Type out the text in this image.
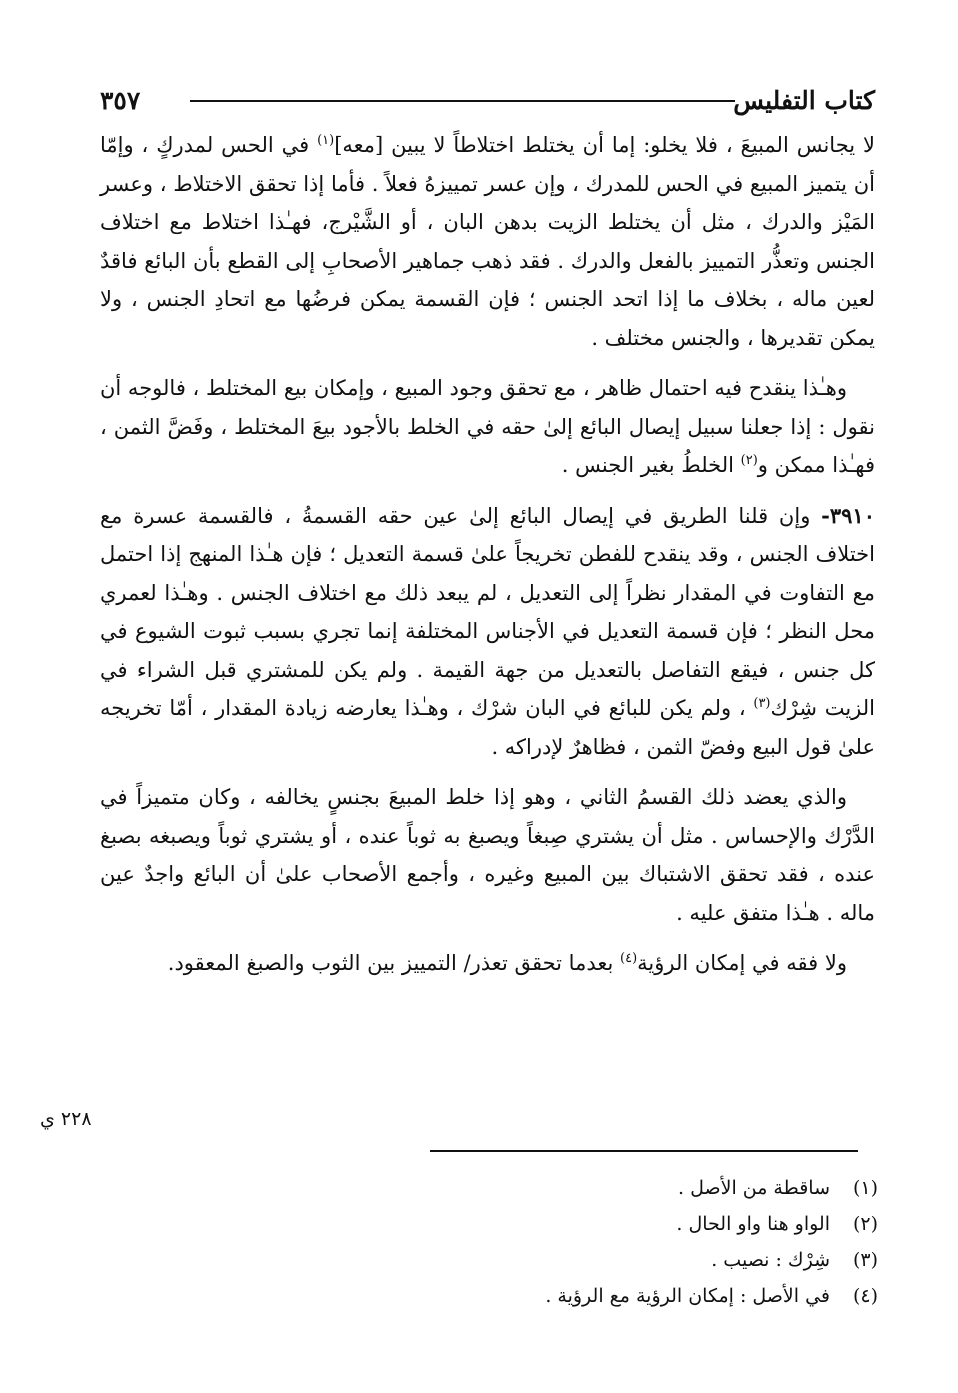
كتاب التفليس
٣٥٧

لا يجانس المبيعَ ، فلا يخلو: إما أن يختلط اختلاطاً لا يبين [معه]$^{(١)}$ في الحس لمدركٍ ، وإمّا أن يتميز المبيع في الحس للمدرك ، وإن عسر تمييزهُ فعلاً . فأما إذا تحقق الاختلاط ، وعسر المَيْز والدرك ، مثل أن يختلط الزيت بدهن البان ، أو الشَّيْرج، فهـٰذا اختلاط مع اختلاف الجنس وتعذُّر التمييز بالفعل والدرك . فقد ذهب جماهير الأصحابِ إلى القطع بأن البائع فاقدٌ لعين ماله ، بخلاف ما إذا اتحد الجنس ؛ فإن القسمة يمكن فرضُها مع اتحادِ الجنس ، ولا يمكن تقديرها ، والجنس مختلف .

وهـٰذا ينقدح فيه احتمال ظاهر ، مع تحقق وجود المبيع ، وإمكان بيع المختلط ، فالوجه أن نقول : إذا جعلنا سبيل إيصال البائع إلىٰ حقه في الخلط بالأجود بيعَ المختلط ، وفَضَّ الثمن ، فهـٰذا ممكن و$^{(٢)}$ الخلطُ بغير الجنس .

٣٩١٠- وإن قلنا الطريق في إيصال البائع إلىٰ عين حقه القسمةُ ، فالقسمة عسرة مع اختلاف الجنس ، وقد ينقدح للفطن تخريجاً علىٰ قسمة التعديل ؛ فإن هـٰذا المنهج إذا احتمل مع التفاوت في المقدار نظراً إلى التعديل ، لم يبعد ذلك مع اختلاف الجنس . وهـٰذا لعمري محل النظر ؛ فإن قسمة التعديل في الأجناس المختلفة إنما تجري بسبب ثبوت الشيوع في كل جنس ، فيقع التفاصل بالتعديل من جهة القيمة . ولم يكن للمشتري قبل الشراء في الزيت شِرْك$^{(٣)}$ ، ولم يكن للبائع في البان شرْك ، وهـٰذا يعارضه زيادة المقدار ، أمّا تخريجه علىٰ قول البيع وفضّ الثمن ، فظاهرٌ لإدراكه .

والذي يعضد ذلك القسمُ الثاني ، وهو إذا خلط المبيعَ بجنسٍ يخالفه ، وكان متميزاً في الدَّرْك والإحساس . مثل أن يشتري صِبغاً ويصبغ به ثوباً عنده ، أو يشتري ثوباً ويصبغه بصبغ عنده ، فقد تحقق الاشتباك بين المبيع وغيره ، وأجمع الأصحاب علىٰ أن البائع واجدٌ عين ماله . هـٰذا متفق عليه .

ولا فقه في إمكان الرؤية$^{(٤)}$ بعدما تحقق تعذر/ التمييز بين الثوب والصبغ المعقود.

٢٢٨ ي
(١)ساقطة من الأصل .
(٢)الواو هنا واو الحال .
(٣)شِرْك : نصيب .
(٤)في الأصل : إمكان الرؤية مع الرؤية .
